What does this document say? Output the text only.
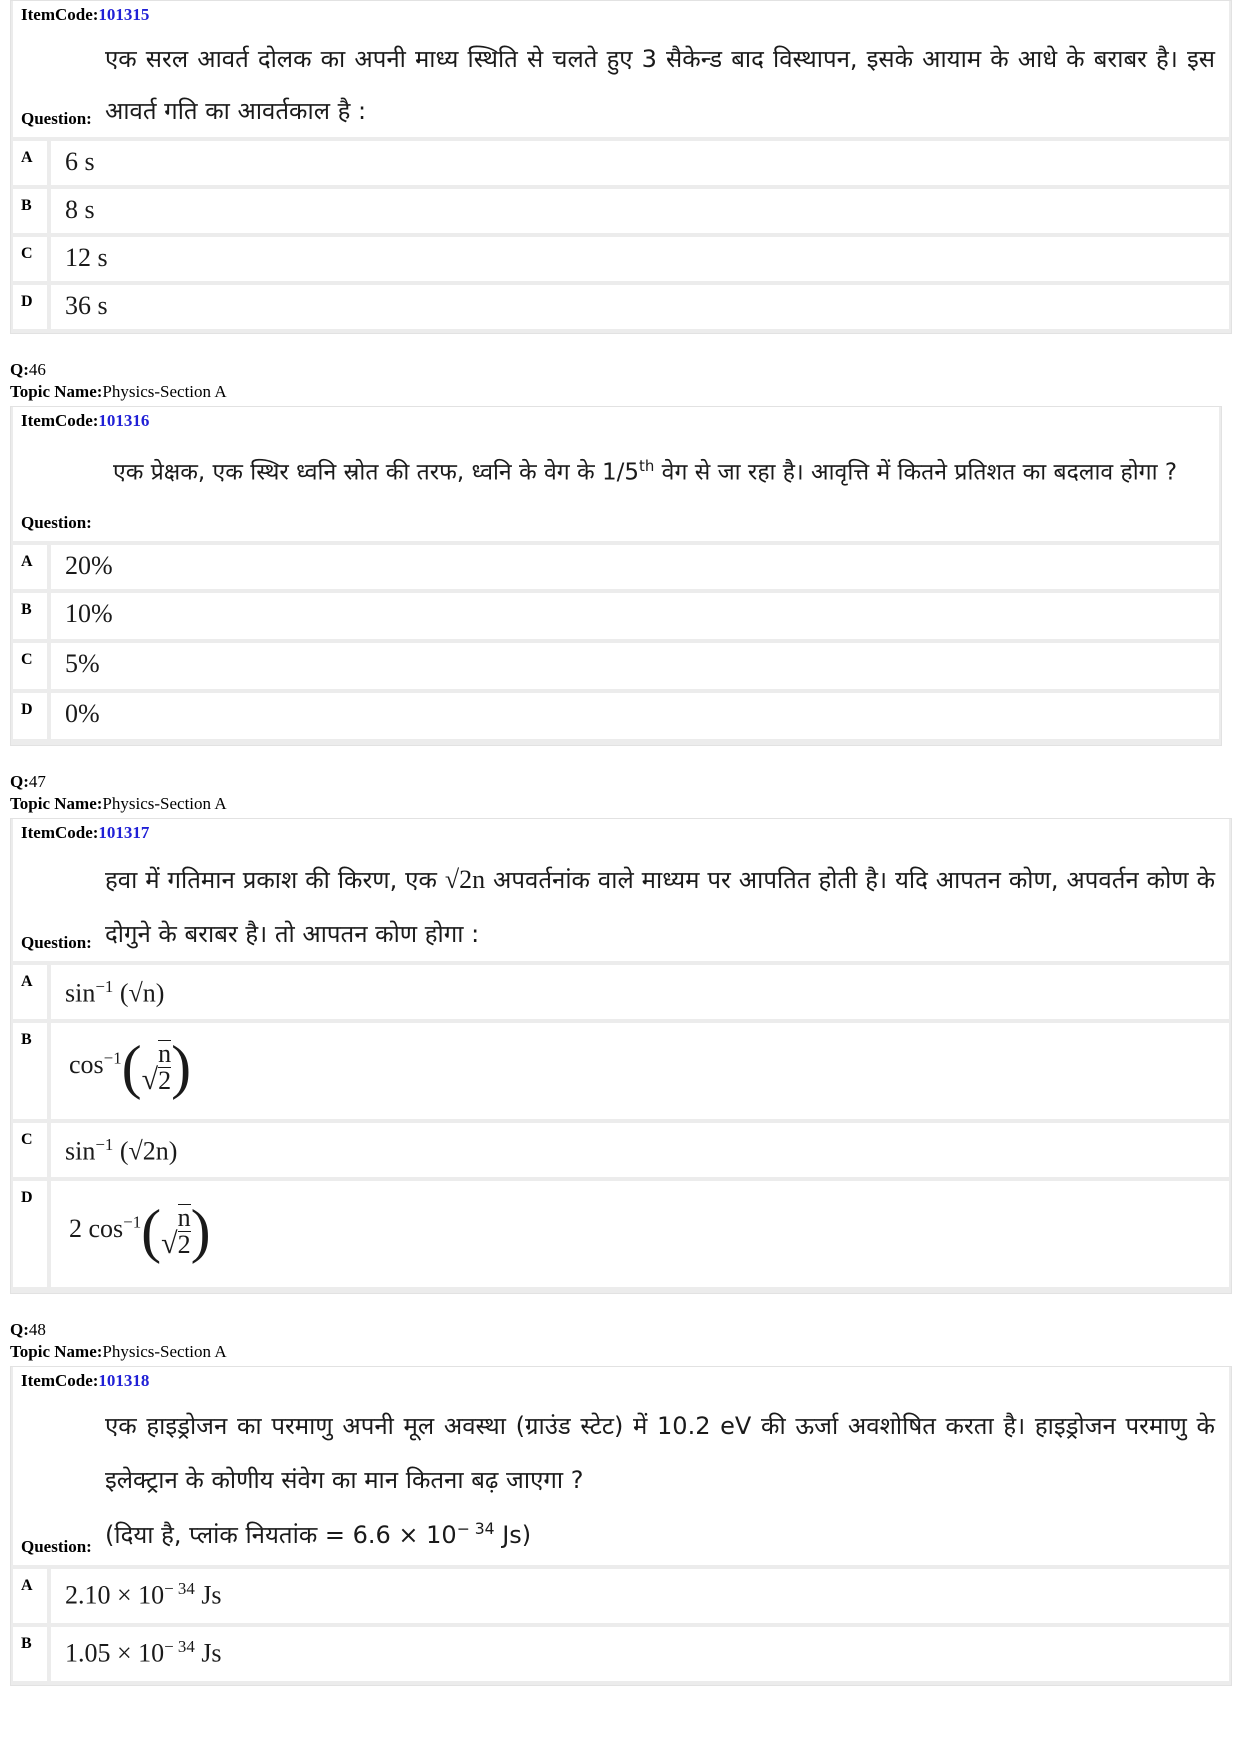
ItemCode:101315
एक सरल आवर्त दोलक का अपनी माध्य स्थिति से चलते हुए 3 सैकेन्ड बाद विस्थापन, इसके आयाम के आधे के बराबर है। इस आवर्त गति का आवर्तकाल है :
Question:
A 6 s
B 8 s
C 12 s
D 36 s
Q:46
Topic Name:Physics-Section A
ItemCode:101316
एक प्रेक्षक, एक स्थिर ध्वनि स्रोत की तरफ, ध्वनि के वेग के 1/5th वेग से जा रहा है। आवृत्ति में कितने प्रतिशत का बदलाव होगा ?
Question:
A 20%
B 10%
C 5%
D 0%
Q:47
Topic Name:Physics-Section A
ItemCode:101317
हवा में गतिमान प्रकाश की किरण, एक √2n अपवर्तनांक वाले माध्यम पर आपतित होती है। यदि आपतन कोण, अपवर्तन कोण के दोगुने के बराबर है। तो आपतन कोण होगा :
Question:
A $\sin^{-1} (√n)$
B
$\cos^{-1}(√ \frac{n}{2}$ )
C $\sin^{-1} (√2n)$
D
2 $\cos^{-1}(√ \frac{n}{2}$ )
Q:48
Topic Name:Physics-Section A
ItemCode:101318
एक हाइड्रोजन का परमाणु अपनी मूल अवस्था (ग्राउंड स्टेट) में 10.2 eV की ऊर्जा अवशोषित करता है। हाइड्रोजन परमाणु के इलेक्ट्रान के कोणीय संवेग का मान कितना बढ़ जाएगा ?
(दिया है, प्लांक नियतांक = $6.6 \times 10^{- 34}$ Js)
Question:
A $2.10 \times 10^{- 34}$ Js
B $1.05 \times 10^{- 34}$ Js
